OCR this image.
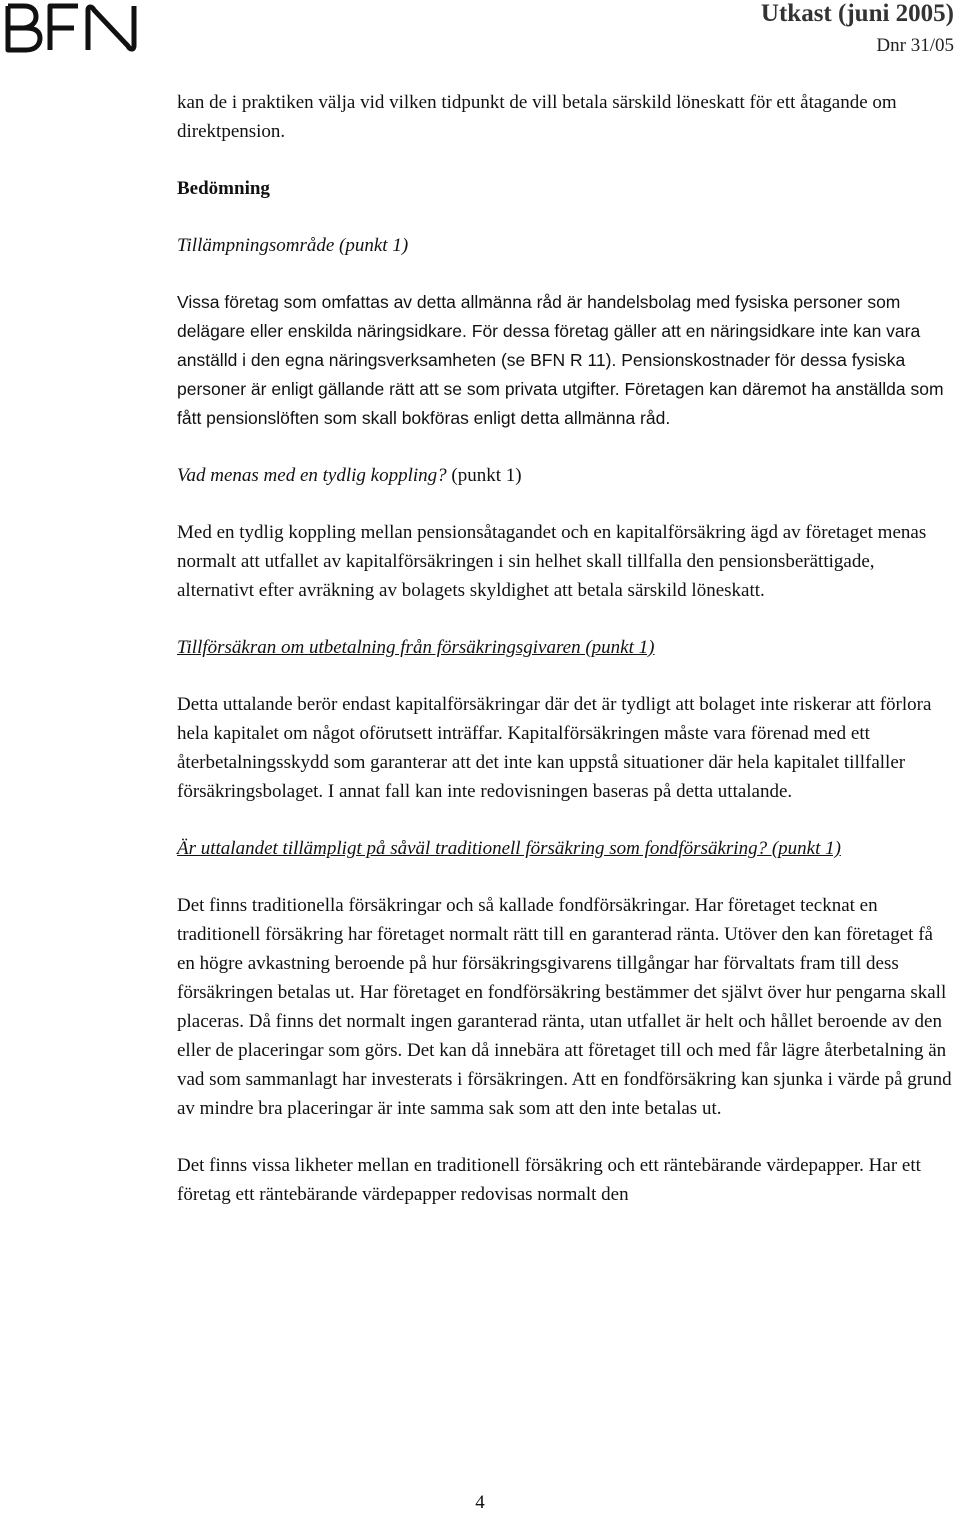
Utkast (juni 2005)
Dnr 31/05

kan de i praktiken välja vid vilken tidpunkt de vill betala särskild löneskatt för ett åtagande om direktpension.

Bedömning
Tillämpningsområde (punkt 1)

Vissa företag som omfattas av detta allmänna råd är handelsbolag med fysiska personer som delägare eller enskilda näringsidkare. För dessa företag gäller att en näringsidkare inte kan vara anställd i den egna näringsverksamheten (se BFN R 11). Pensionskostnader för dessa fysiska personer är enligt gällande rätt att se som privata utgifter. Företagen kan däremot ha anställda som fått pensionslöften som skall bokföras enligt detta allmänna råd.

Vad menas med en tydlig koppling? (punkt 1)

Med en tydlig koppling mellan pensionsåtagandet och en kapitalförsäkring ägd av företaget menas normalt att utfallet av kapitalförsäkringen i sin helhet skall tillfalla den pensionsberättigade, alternativt efter avräkning av bolagets skyldighet att betala särskild löneskatt.

Tillförsäkran om utbetalning från försäkringsgivaren (punkt 1)

Detta uttalande berör endast kapitalförsäkringar där det är tydligt att bolaget inte riskerar att förlora hela kapitalet om något oförutsett inträffar. Kapitalförsäkringen måste vara förenad med ett återbetalningsskydd som garanterar att det inte kan uppstå situationer där hela kapitalet tillfaller försäkringsbolaget. I annat fall kan inte redovisningen baseras på detta uttalande.

Är uttalandet tillämpligt på såväl traditionell försäkring som fondförsäkring? (punkt 1)

Det finns traditionella försäkringar och så kallade fondförsäkringar. Har företaget tecknat en traditionell försäkring har företaget normalt rätt till en garanterad ränta. Utöver den kan företaget få en högre avkastning beroende på hur försäkringsgivarens tillgångar har förvaltats fram till dess försäkringen betalas ut. Har företaget en fondförsäkring bestämmer det självt över hur pengarna skall placeras. Då finns det normalt ingen garanterad ränta, utan utfallet är helt och hållet beroende av den eller de placeringar som görs. Det kan då innebära att företaget till och med får lägre återbetalning än vad som sammanlagt har investerats i försäkringen. Att en fondförsäkring kan sjunka i värde på grund av mindre bra placeringar är inte samma sak som att den inte betalas ut.

Det finns vissa likheter mellan en traditionell försäkring och ett räntebärande värdepapper. Har ett företag ett räntebärande värdepapper redovisas normalt den

4
